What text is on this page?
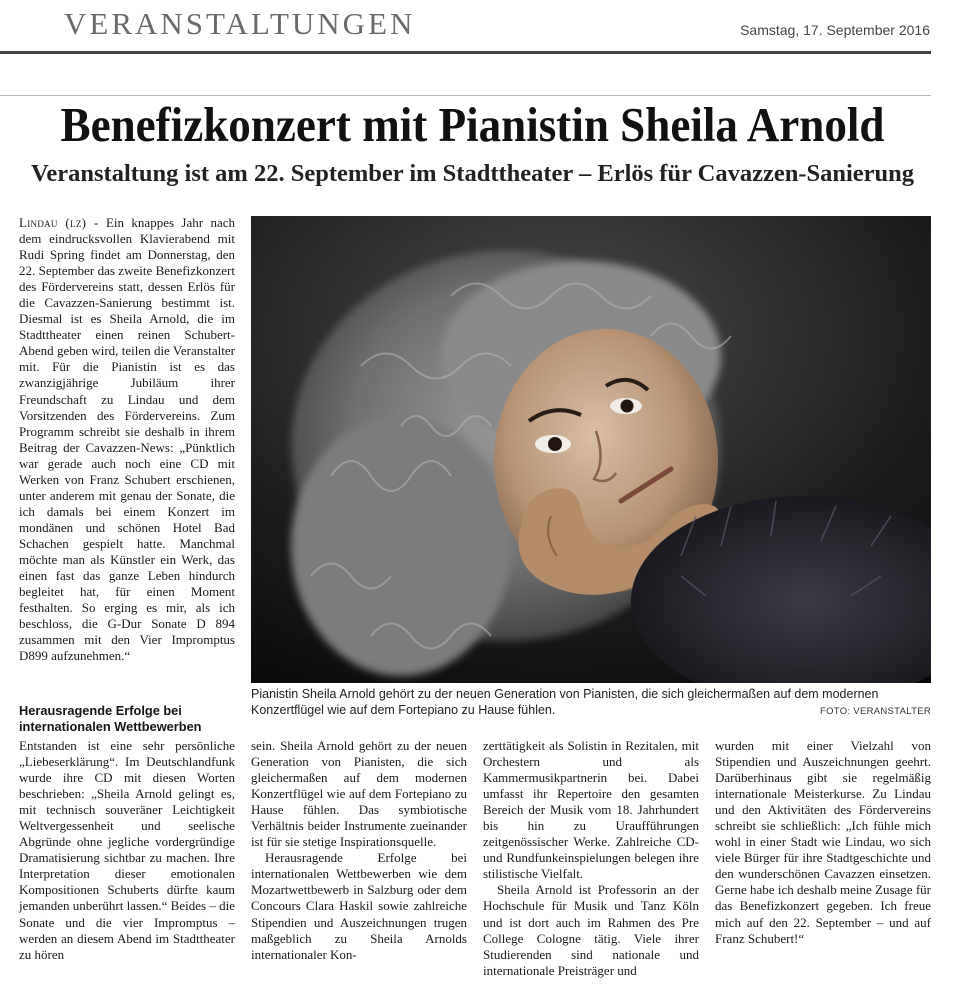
VERANSTALTUNGEN	Samstag, 17. September 2016
Benefizkonzert mit Pianistin Sheila Arnold
Veranstaltung ist am 22. September im Stadttheater – Erlös für Cavazzen-Sanierung

Lindau (lz) - Ein knappes Jahr nach dem eindrucksvollen Klavierabend mit Rudi Spring findet am Donnerstag, den 22. September das zweite Benefizkonzert des Fördervereins statt, dessen Erlös für die Cavazzen-Sanierung bestimmt ist. Diesmal ist es Sheila Arnold, die im Stadttheater einen reinen Schubert-Abend geben wird, teilen die Veranstalter mit. Für die Pianistin ist es das zwanzigjährige Jubiläum ihrer Freundschaft zu Lindau und dem Vorsitzenden des Fördervereins. Zum Programm schreibt sie deshalb in ihrem Beitrag der Cavazzen-News: „Pünktlich war gerade auch noch eine CD mit Werken von Franz Schubert erschienen, unter anderem mit genau der Sonate, die ich damals bei einem Konzert im mondänen und schönen Hotel Bad Schachen gespielt hatte. Manchmal möchte man als Künstler ein Werk, das einen fast das ganze Leben hindurch begleitet hat, für einen Moment festhalten. So erging es mir, als ich beschloss, die G-Dur Sonate D 894 zusammen mit den Vier Impromptus D899 aufzunehmen.“

Herausragende Erfolge bei internationalen Wettbewerben

Entstanden ist eine sehr persönliche „Liebeserklärung“. Im Deutschlandfunk wurde ihre CD mit diesen Worten beschrieben: „Sheila Arnold gelingt es, mit technisch souveräner Leichtigkeit Weltvergessenheit und seelische Abgründe ohne jegliche vordergründige Dramatisierung sichtbar zu machen. Ihre Interpretation dieser emotionalen Kompositionen Schuberts dürfte kaum jemanden unberührt lassen.“ Beides – die Sonate und die vier Impromptus – werden an diesem Abend im Stadttheater zu hören

sein. Sheila Arnold gehört zu der neuen Generation von Pianisten, die sich gleichermaßen auf dem modernen Konzertflügel wie auf dem Fortepiano zu Hause fühlen. Das symbiotische Verhältnis beider Instrumente zueinander ist für sie stetige Inspirationsquelle.

Herausragende Erfolge bei internationalen Wettbewerben wie dem Mozartwettbewerb in Salzburg oder dem Concours Clara Haskil sowie zahlreiche Stipendien und Auszeichnungen trugen maßgeblich zu Sheila Arnolds internationaler Kon-

zerttätigkeit als Solistin in Rezitalen, mit Orchestern und als Kammermusikpartnerin bei. Dabei umfasst ihr Repertoire den gesamten Bereich der Musik vom 18. Jahrhundert bis hin zu Uraufführungen zeitgenössischer Werke. Zahlreiche CD- und Rundfunkeinspielungen belegen ihre stilistische Vielfalt.

Sheila Arnold ist Professorin an der Hochschule für Musik und Tanz Köln und ist dort auch im Rahmen des Pre College Cologne tätig. Viele ihrer Studierenden sind nationale und internationale Preisträger und

wurden mit einer Vielzahl von Stipendien und Auszeichnungen geehrt. Darüberhinaus gibt sie regelmäßig internationale Meisterkurse. Zu Lindau und den Aktivitäten des Fördervereins schreibt sie schließlich: „Ich fühle mich wohl in einer Stadt wie Lindau, wo sich viele Bürger für ihre Stadtgeschichte und den wunderschönen Cavazzen einsetzen. Gerne habe ich deshalb meine Zusage für das Benefizkonzert gegeben. Ich freue mich auf den 22. September – und auf Franz Schubert!“

Pianistin Sheila Arnold gehört zu der neuen Generation von Pianisten, die sich gleichermaßen auf dem modernen Konzertflügel wie auf dem Fortepiano zu Hause fühlen.	FOTO: VERANSTALTER
